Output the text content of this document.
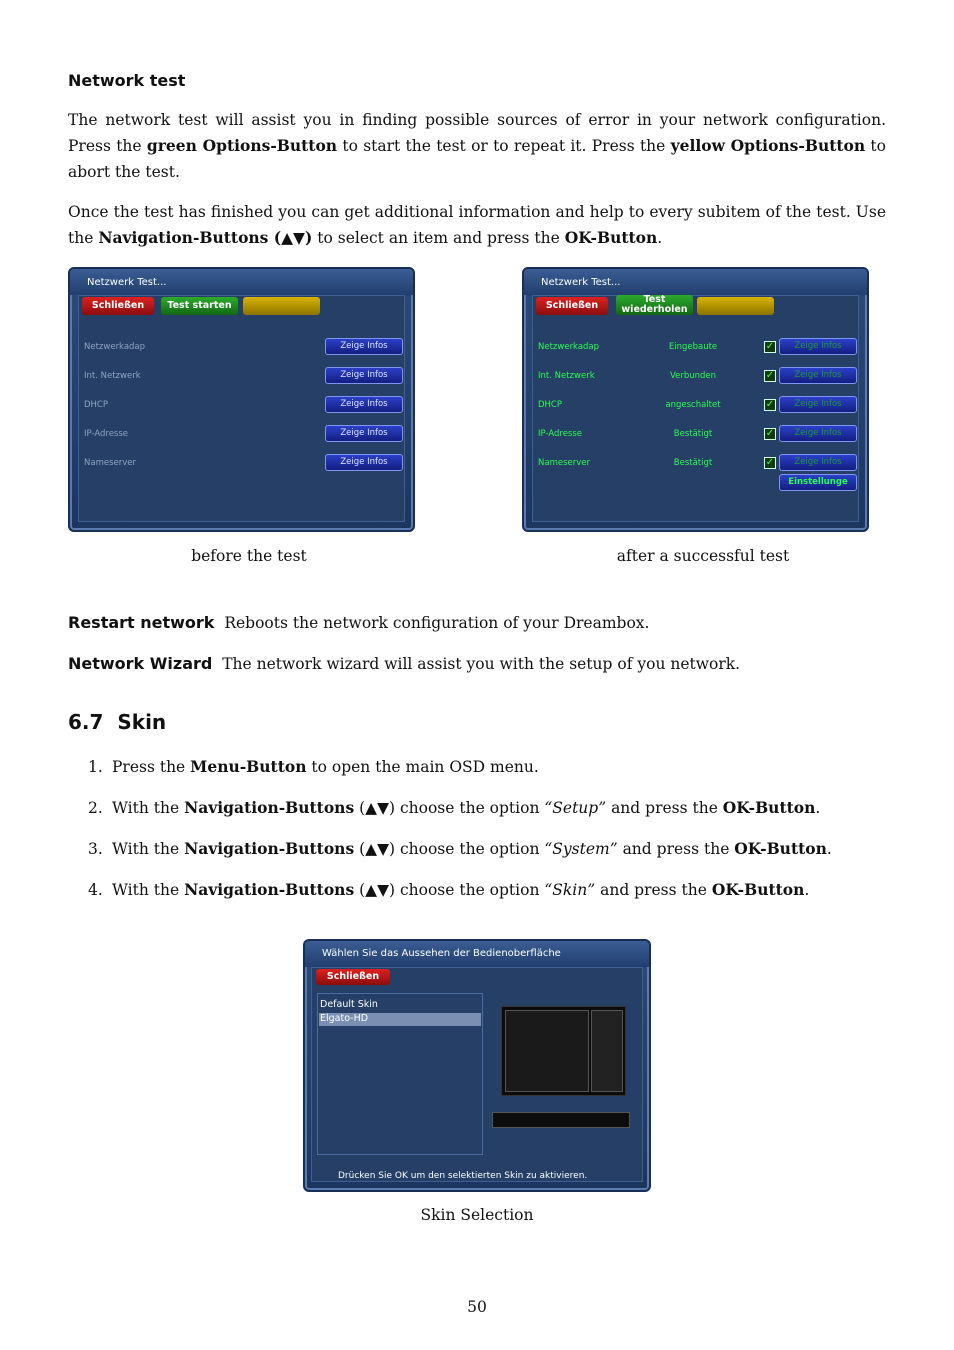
Network test
The network test will assist you in finding possible sources of error in your network configuration. Press the green Options-Button to start the test or to repeat it. Press the yellow Options-Button to abort the test.
Once the test has finished you can get additional information and help to every subitem of the test. Use the Navigation-Buttons (▲▼) to select an item and press the OK-Button.
Netzwerk Test...
Schließen	Test starten
Netzwerkadap	Zeige Infos
Int. Netzwerk	Zeige Infos
DHCP	Zeige Infos
IP-Adresse	Zeige Infos
Nameserver	Zeige Infos
before the test
Netzwerk Test...
Schließen
Test
wiederholen
Netzwerkadap	Eingebaute	✓	Zeige Infos
Int. Netzwerk	Verbunden	✓	Zeige Infos
DHCP	angeschaltet	✓	Zeige Infos
IP-Adresse	Bestätigt	✓	Zeige Infos
Nameserver	Bestätigt	✓	Zeige Infos
Einstellunge
after a successful test
Restart network Reboots the network configuration of your Dreambox.
Network Wizard The network wizard will assist you with the setup of you network.
6.7 Skin
1. Press the Menu-Button to open the main OSD menu.
2. With the Navigation-Buttons (▲▼) choose the option “Setup” and press the OK-Button.
3. With the Navigation-Buttons (▲▼) choose the option “System” and press the OK-Button.
4. With the Navigation-Buttons (▲▼) choose the option “Skin” and press the OK-Button.
Wählen Sie das Aussehen der Bedienoberfläche
Schließen
Default Skin
Elgato-HD
Drücken Sie OK um den selektierten Skin zu aktivieren.
Skin Selection
50
